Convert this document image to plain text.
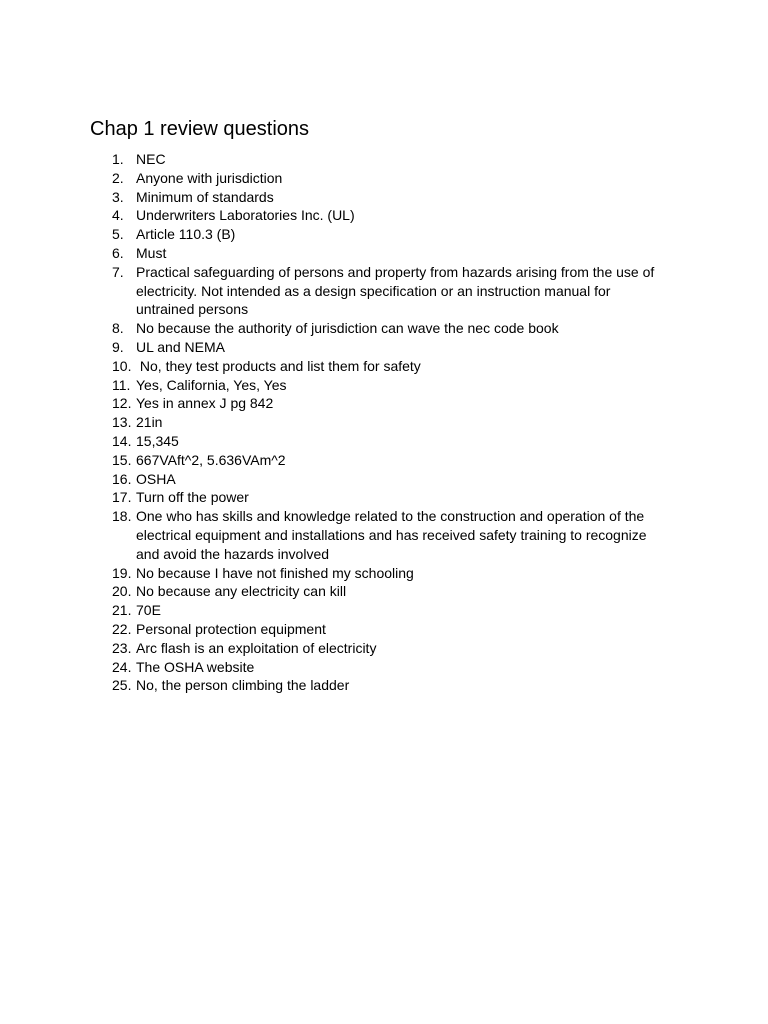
Chap 1 review questions
1. NEC
2. Anyone with jurisdiction
3. Minimum of standards
4. Underwriters Laboratories Inc. (UL)
5. Article 110.3 (B)
6. Must
7. Practical safeguarding of persons and property from hazards arising from the use of electricity. Not intended as a design specification or an instruction manual for untrained persons
8. No because the authority of jurisdiction can wave the nec code book
9. UL and NEMA
10. No, they test products and list them for safety
11. Yes, California, Yes, Yes
12. Yes in annex J pg 842
13. 21in
14. 15,345
15. 667VAft^2, 5.636VAm^2
16. OSHA
17. Turn off the power
18. One who has skills and knowledge related to the construction and operation of the electrical equipment and installations and has received safety training to recognize and avoid the hazards involved
19. No because I have not finished my schooling
20. No because any electricity can kill
21. 70E
22. Personal protection equipment
23. Arc flash is an exploitation of electricity
24. The OSHA website
25. No, the person climbing the ladder
